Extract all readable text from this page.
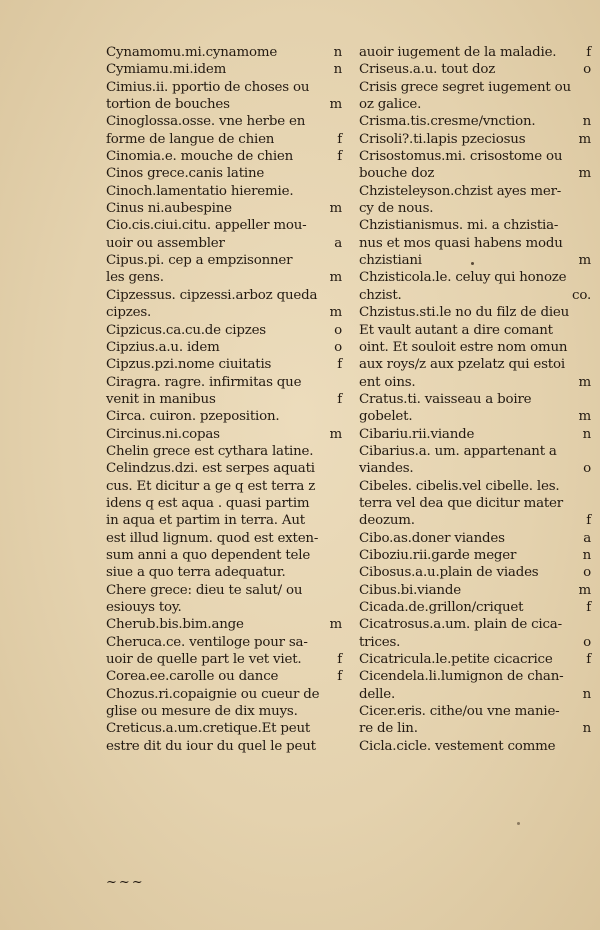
Cynamomu.mi.cynamome	n
Cymiamu.mi.idem	n
Cimius.ii. pportio de choses ou
tortion de bouches	m
Cinoglossa.osse. vne herbe en
forme de langue de chien	f
Cinomia.e. mouche de chien	f
Cinos grece.canis latine
Cinoch.lamentatio hieremie.
Cinus ni.aubespine	m
Cio.cis.ciui.citu. appeller mou-
uoir ou assembler	a
Cipus.pi. cep a empzisonner
les gens.	m
Cipzessus. cipzessi.arboz queda
cipzes.	m
Cipzicus.ca.cu.de cipzes	o
Cipzius.a.u. idem	o
Cipzus.pzi.nome ciuitatis	f
Ciragra. ragre. infirmitas que
venit in manibus	f
Circa. cuiron. pzeposition.
Circinus.ni.copas	m
Chelin grece est cythara latine.
Celindzus.dzi. est serpes aquati
cus. Et dicitur a ge q est terra z
idens q est aqua . quasi partim
in aqua et partim in terra. Aut
est illud lignum. quod est exten-
sum anni a quo dependent tele
siue a quo terra adequatur.
Chere grece: dieu te salut/ ou
esiouys toy.
Cherub.bis.bim.ange	m
Cheruca.ce. ventiloge pour sa-
uoir de quelle part le vet viet.	f
Corea.ee.carolle ou dance	f
Chozus.ri.copaignie ou cueur de
glise ou mesure de dix muys.
Creticus.a.um.cretique.Et peut
estre dit du iour du quel le peut
auoir iugement de la maladie. f
Criseus.a.u. tout doz	o
Crisis grece segret iugement ou
oz galice.
Crisma.tis.cresme/vnction.	n
Crisoli?.ti.lapis pzeciosus	m
Crisostomus.mi. crisostome ou
bouche doz	m
Chzisteleyson.chzist ayes mer-
cy de nous.
Chzistianismus. mi. a chzistia-
nus et mos quasi habens modu
chzistiani	m
Chzisticola.le. celuy qui honoze
chzist.	co.
Chzistus.sti.le no du filz de dieu
Et vault autant a dire comant
oint. Et souloit estre nom omun
aux roys/z aux pzelatz qui estoi
ent oins.	m
Cratus.ti. vaisseau a boire
gobelet.	m
Cibariu.rii.viande	n
Cibarius.a. um. appartenant a
viandes.	o
Cibeles. cibelis.vel cibelle. les.
terra vel dea que dicitur mater
deozum.	f
Cibo.as.doner viandes	a
Ciboziu.rii.garde meger	n
Cibosus.a.u.plain de viades	o
Cibus.bi.viande	m
Cicada.de.grillon/criquet	f
Cicatrosus.a.um. plain de cica-
trices.	o
Cicatricula.le.petite cicacrice	f
Cicendela.li.lumignon de chan-
delle.	n
Cicer.eris. cithe/ou vne manie-
re de lin.	n
Cicla.cicle. vestement comme
~~~
